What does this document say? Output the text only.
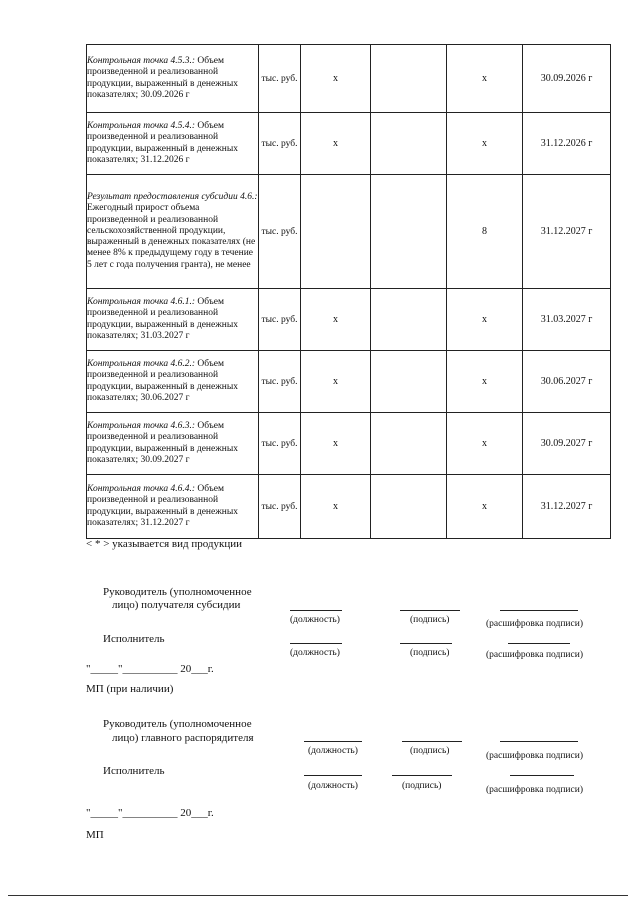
Контрольная точка 4.5.3.: Объем произведенной и реализованной продукции, выраженный в денежных показателях; 30.09.2026 г	тыс. руб.	х		х	30.09.2026 г
Контрольная точка 4.5.4.: Объем произведенной и реализованной продукции, выраженный в денежных показателях; 31.12.2026 г	тыс. руб.	х		х	31.12.2026 г
Результат предоставления субсидии 4.6.: Ежегодный прирост объема произведенной и реализованной сельскохозяйственной продукции, выраженный в денежных показателях (не менее 8% к предыдущему году в течение 5 лет с года получения гранта), не менее	тыс. руб.			8	31.12.2027 г
Контрольная точка 4.6.1.: Объем произведенной и реализованной продукции, выраженный в денежных показателях; 31.03.2027 г	тыс. руб.	х		х	31.03.2027 г
Контрольная точка 4.6.2.: Объем произведенной и реализованной продукции, выраженный в денежных показателях; 30.06.2027 г	тыс. руб.	х		х	30.06.2027 г
Контрольная точка 4.6.3.: Объем произведенной и реализованной продукции, выраженный в денежных показателях; 30.09.2027 г	тыс. руб.	х		х	30.09.2027 г
Контрольная точка 4.6.4.: Объем произведенной и реализованной продукции, выраженный в денежных показателях; 31.12.2027 г	тыс. руб.	х		х	31.12.2027 г
< * > указывается вид продукции
Руководитель (уполномоченное
лицо) получателя субсидии
(должность)	(подпись)	(расшифровка подписи)
Исполнитель
(должность)	(подпись)	(расшифровка подписи)
"_____"__________ 20___г.
МП (при наличии)
Руководитель (уполномоченное
лицо) главного распорядителя
(должность)	(подпись)	(расшифровка подписи)
Исполнитель
(должность)	(подпись)	(расшифровка подписи)
"_____"__________ 20___г.
МП
